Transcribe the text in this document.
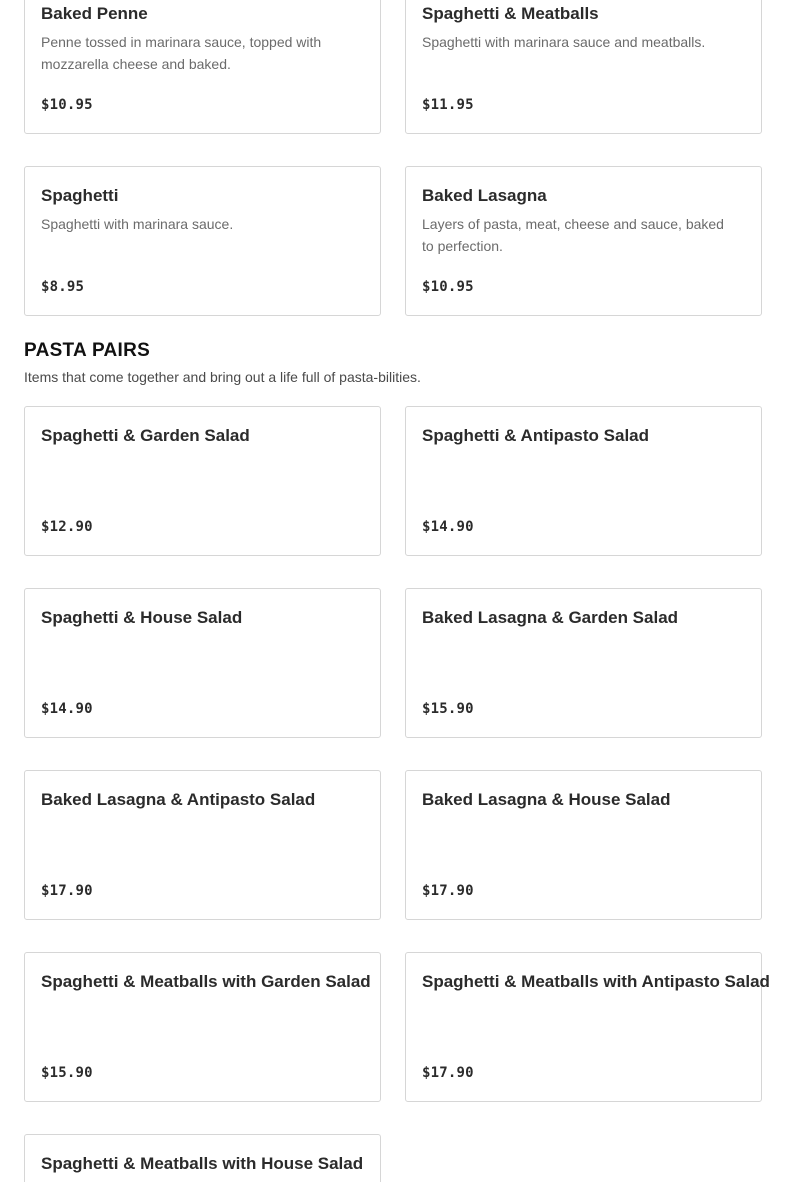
Baked Penne
Penne tossed in marinara sauce, topped with mozzarella cheese and baked.
$10.95
Spaghetti & Meatballs
Spaghetti with marinara sauce and meatballs.
$11.95
Spaghetti
Spaghetti with marinara sauce.
$8.95
Baked Lasagna
Layers of pasta, meat, cheese and sauce, baked to perfection.
$10.95
PASTA PAIRS

Items that come together and bring out a life full of pasta-bilities.

Spaghetti & Garden Salad
$12.90
Spaghetti & Antipasto Salad
$14.90
Spaghetti & House Salad
$14.90
Baked Lasagna & Garden Salad
$15.90
Baked Lasagna & Antipasto Salad
$17.90
Baked Lasagna & House Salad
$17.90
Spaghetti & Meatballs with Garden Salad
$15.90
Spaghetti & Meatballs with Antipasto Salad
$17.90
Spaghetti & Meatballs with House Salad
